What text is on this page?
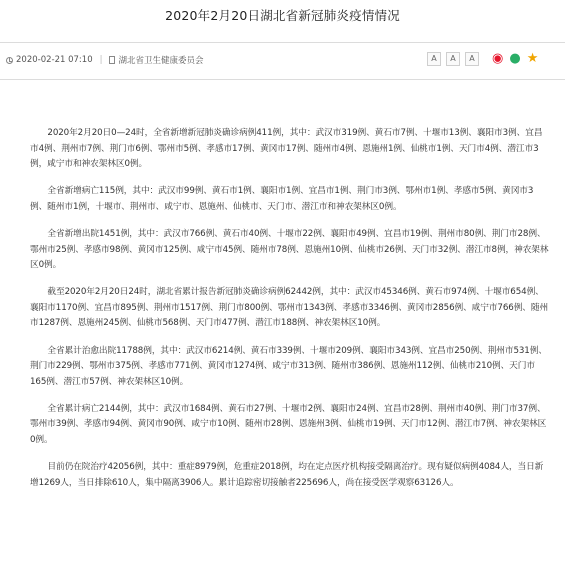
2020年2月20日湖北省新冠肺炎疫情情况
2020-02-21 07:10 | 湖北省卫生健康委员会	A	A	A	◉ ● ★

2020年2月20日0—24时，全省新增新冠肺炎确诊病例411例，其中：武汉市319例、黄石市7例、十堰市13例、襄阳市3例、宜昌市4例、荆州市7例、荆门市6例、鄂州市5例、孝感市17例、黄冈市17例、随州市4例、恩施州1例、仙桃市1例、天门市4例、潜江市3例，咸宁市和神农架林区0例。

全省新增病亡115例，其中：武汉市99例、黄石市1例、襄阳市1例、宜昌市1例、荆门市3例、鄂州市1例、孝感市5例、黄冈市3例、随州市1例，十堰市、荆州市、咸宁市、恩施州、仙桃市、天门市、潜江市和神农架林区0例。

全省新增出院1451例，其中：武汉市766例、黄石市40例、十堰市22例、襄阳市49例、宜昌市19例、荆州市80例、荆门市28例、鄂州市25例、孝感市98例、黄冈市125例、咸宁市45例、随州市78例、恩施州10例、仙桃市26例、天门市32例、潜江市8例，神农架林区0例。

截至2020年2月20日24时，湖北省累计报告新冠肺炎确诊病例62442例，其中：武汉市45346例、黄石市974例、十堰市654例、襄阳市1170例、宜昌市895例、荆州市1517例、荆门市800例、鄂州市1343例、孝感市3346例、黄冈市2856例、咸宁市766例、随州市1287例、恩施州245例、仙桃市568例、天门市477例、潜江市188例、神农架林区10例。

全省累计治愈出院11788例，其中：武汉市6214例、黄石市339例、十堰市209例、襄阳市343例、宜昌市250例、荆州市531例、荆门市229例、鄂州市375例、孝感市771例、黄冈市1274例、咸宁市313例、随州市386例、恩施州112例、仙桃市210例、天门市165例、潜江市57例、神农架林区10例。

全省累计病亡2144例，其中：武汉市1684例、黄石市27例、十堰市2例、襄阳市24例、宜昌市28例、荆州市40例、荆门市37例、鄂州市39例、孝感市94例、黄冈市90例、咸宁市10例、随州市28例、恩施州3例、仙桃市19例、天门市12例、潜江市7例、神农架林区0例。

目前仍在院治疗42056例，其中：重症8979例，危重症2018例，均在定点医疗机构接受隔离治疗。现有疑似病例4084人，当日新增1269人，当日排除610人，集中隔离3906人。累计追踪密切接触者225696人，尚在接受医学观察63126人。
